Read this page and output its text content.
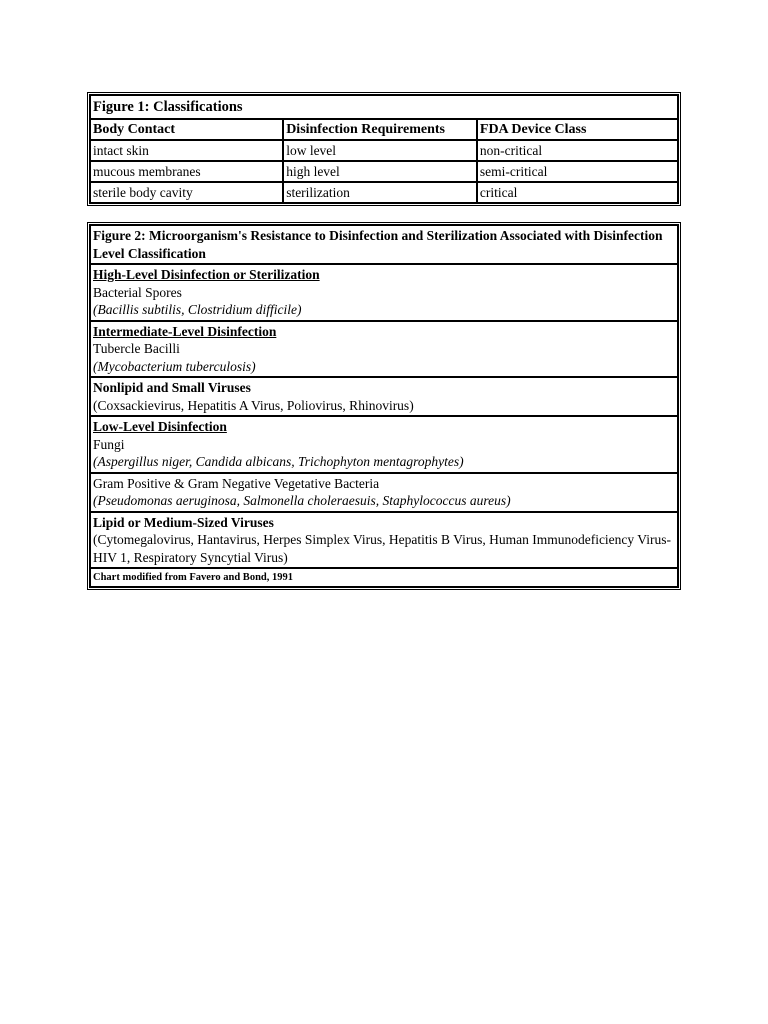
Figure 1: Classifications		
Body Contact	Disinfection Requirements	FDA Device Class
intact skin	low level	non-critical
mucous membranes	high level	semi-critical
sterile body cavity	sterilization	critical
Figure 2: Microorganism's Resistance to Disinfection and Sterilization Associated with Disinfection Level Classification

High-Level Disinfection or Sterilization
Bacterial Spores
(Bacillis subtilis, Clostridium difficile)

Intermediate-Level Disinfection
Tubercle Bacilli
(Mycobacterium tuberculosis)

Nonlipid and Small Viruses
(Coxsackievirus, Hepatitis A Virus, Poliovirus, Rhinovirus)

Low-Level Disinfection
Fungi
(Aspergillus niger, Candida albicans, Trichophyton mentagrophytes)

Gram Positive & Gram Negative Vegetative Bacteria
(Pseudomonas aeruginosa, Salmonella choleraesuis, Staphylococcus aureus)

Lipid or Medium-Sized Viruses
(Cytomegalovirus, Hantavirus, Herpes Simplex Virus, Hepatitis B Virus, Human Immunodeficiency Virus-HIV 1, Respiratory Syncytial Virus)

Chart modified from Favero and Bond, 1991
